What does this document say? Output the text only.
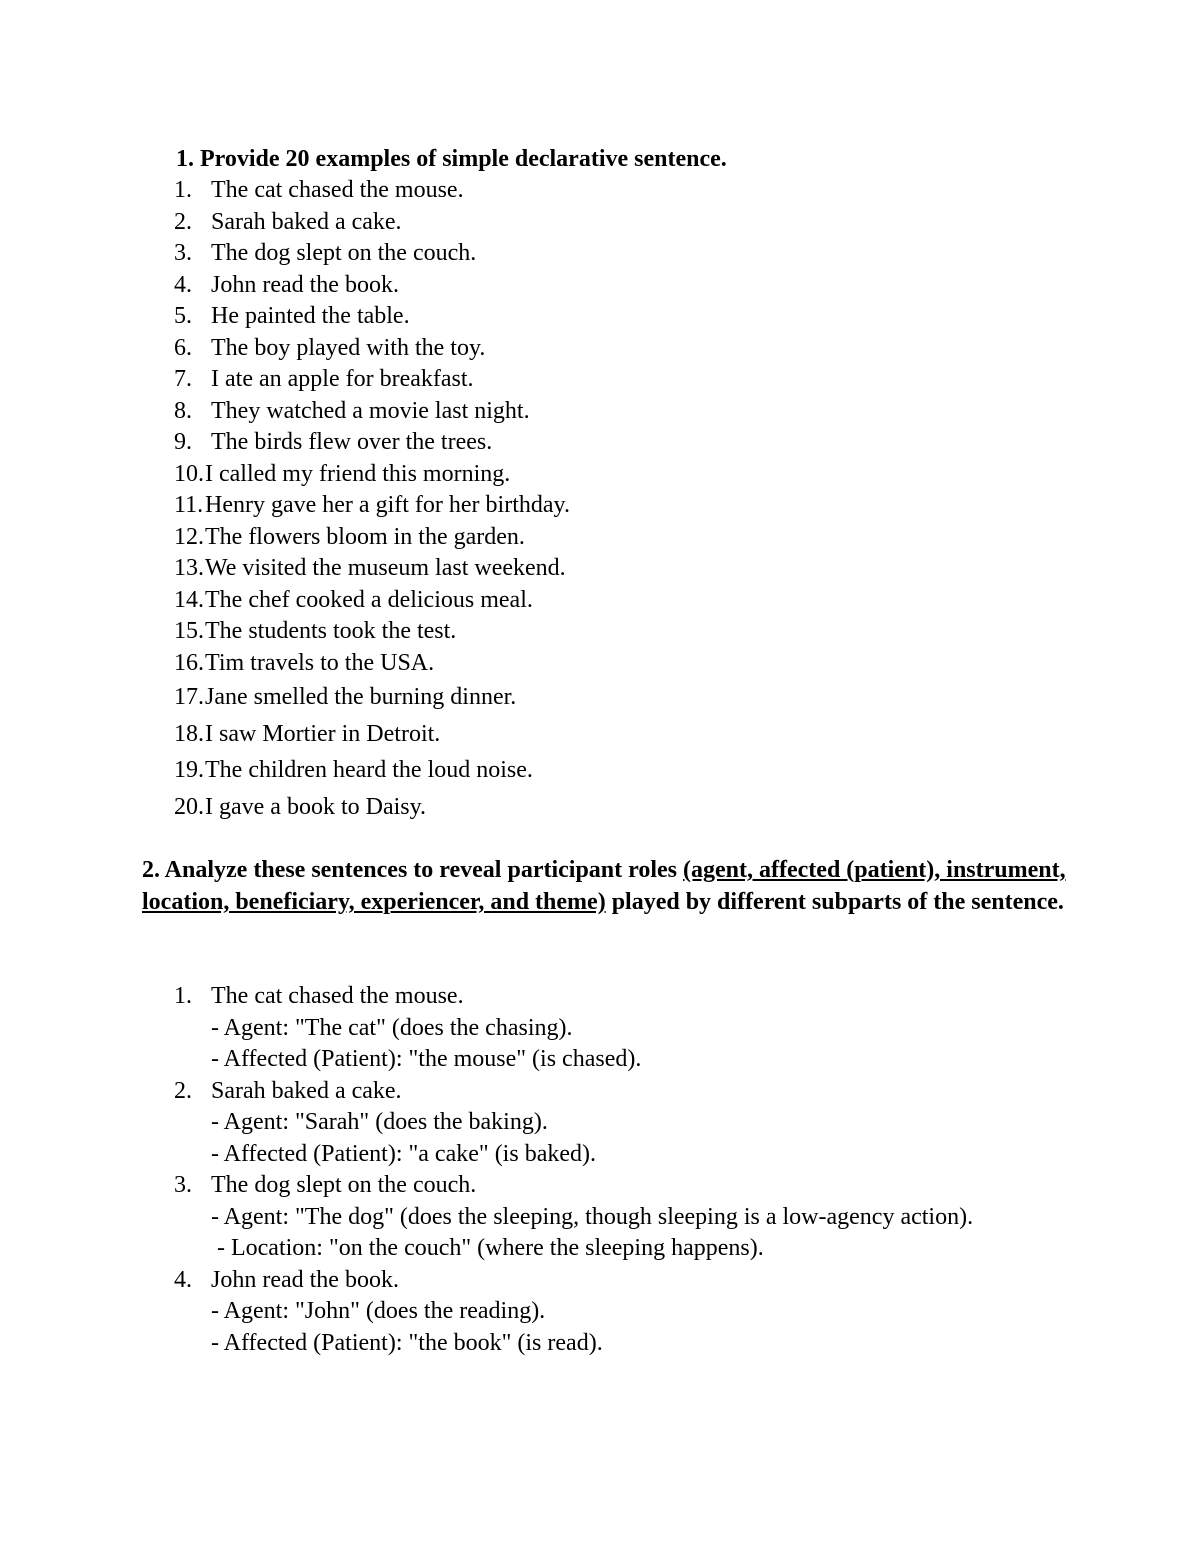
1. Provide 20 examples of simple declarative sentence.
1. The cat chased the mouse.
2. Sarah baked a cake.
3. The dog slept on the couch.
4. John read the book.
5. He painted the table.
6. The boy played with the toy.
7. I ate an apple for breakfast.
8. They watched a movie last night.
9. The birds flew over the trees.
10.I called my friend this morning.
11.Henry gave her a gift for her birthday.
12.The flowers bloom in the garden.
13.We visited the museum last weekend.
14.The chef cooked a delicious meal.
15.The students took the test.
16.Tim travels to the USA.
17.Jane smelled the burning dinner.
18.I saw Mortier in Detroit.
19.The children heard the loud noise.
20.I gave a book to Daisy.
2. Analyze these sentences to reveal participant roles (agent, affected (patient), instrument, location, beneficiary, experiencer, and theme) played by different subparts of the sentence.
1. The cat chased the mouse.
- Agent: "The cat" (does the chasing).
- Affected (Patient): "the mouse" (is chased).
2. Sarah baked a cake.
- Agent: "Sarah" (does the baking).
- Affected (Patient): "a cake" (is baked).
3. The dog slept on the couch.
- Agent: "The dog" (does the sleeping, though sleeping is a low-agency action).
- Location: "on the couch" (where the sleeping happens).
4. John read the book.
- Agent: "John" (does the reading).
- Affected (Patient): "the book" (is read).
